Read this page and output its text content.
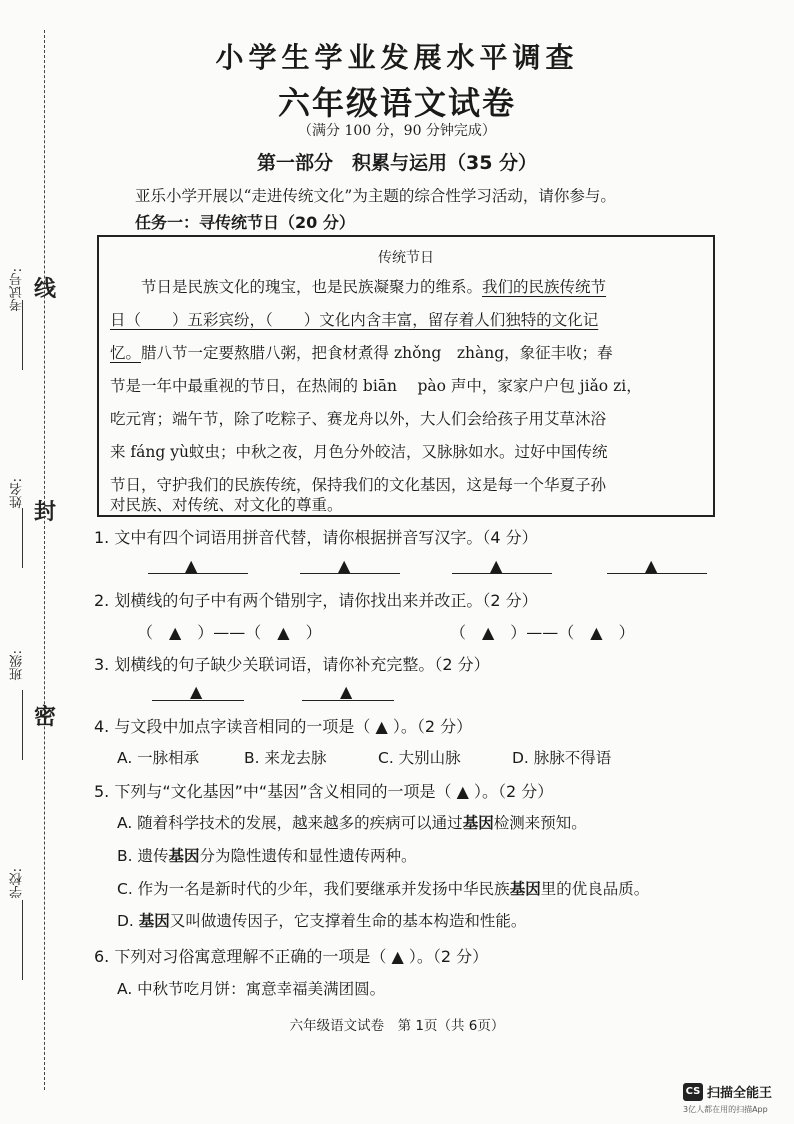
考试号: 线
姓名:
封
班级:
密
学校:
小学生学业发展水平调查
六年级语文试卷
（满分 100 分，90 分钟完成）
第一部分　积累与运用（35 分）
亚乐小学开展以“走进传统文化”为主题的综合性学习活动，请你参与。
任务一：寻传统节日（20 分）
传统节日
节日是民族文化的瑰宝，也是民族凝聚力的维系。我们的民族传统节
日（　　）五彩宾纷，（　　）文化内含丰富，留存着人们独特的文化记
忆。腊八节一定要熬腊八粥，把食材煮得 zhǒng　zhàng，象征丰收；春
节是一年中最重视的节日，在热闹的 biān　 pào 声中，家家户户包 jiǎo zi，
吃元宵；端午节，除了吃粽子、赛龙舟以外，大人们会给孩子用艾草沐浴
来 fáng yù蚊虫；中秋之夜，月色分外皎洁，又脉脉如水。过好中国传统
节日，守护我们的民族传统，保持我们的文化基因，这是每一个华夏子孙
对民族、对传统、对文化的尊重。
1. 文中有四个词语用拼音代替，请你根据拼音写汉字。（4 分）
▲	▲	▲	▲
2. 划横线的句子中有两个错别字，请你找出来并改正。（2 分）
（　▲　）——（　▲　）	（　▲　）——（　▲　）
3. 划横线的句子缺少关联词语，请你补充完整。（2 分）
▲	▲
4. 与文段中加点字读音相同的一项是（ ▲ ）。（2 分）
A. 一脉相承	B. 来龙去脉	C. 大别山脉	D. 脉脉不得语
5. 下列与“文化基因”中“基因”含义相同的一项是（ ▲ ）。（2 分）
A. 随着科学技术的发展，越来越多的疾病可以通过基因检测来预知。
B. 遗传基因分为隐性遗传和显性遗传两种。
C. 作为一名是新时代的少年，我们要继承并发扬中华民族基因里的优良品质。
D. 基因又叫做遗传因子，它支撑着生命的基本构造和性能。
6. 下列对习俗寓意理解不正确的一项是（ ▲ ）。（2 分）
A. 中秋节吃月饼：寓意幸福美满团圆。
六年级语文试卷　第 1页（共 6页）
CS 扫描全能王
3亿人都在用的扫描App
